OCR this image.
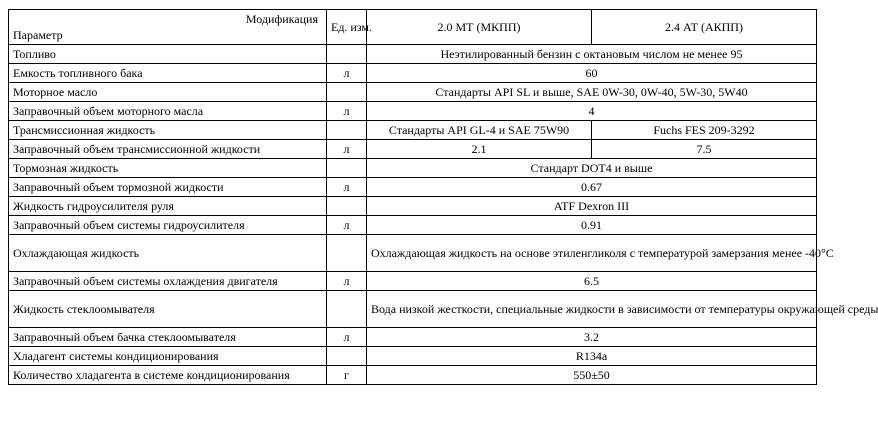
Модификация
Параметр	Ед. изм.	2.0 МТ (МКПП)	2.4 АТ (АКПП)
Топливо		Неэтилированный бензин с октановым числом не менее 95	
Емкость топливного бака	л	60	
Моторное масло		Стандарты API SL и выше, SAE 0W-30, 0W-40, 5W-30, 5W40	
Заправочный объем моторного масла	л	4	
Трансмиссионная жидкость		Стандарты API GL-4 и SAE 75W90	Fuchs FES 209-3292
Заправочный объем трансмиссионной жидкости	л	2.1	7.5
Тормозная жидкость		Стандарт DOT4 и выше	
Заправочный объем тормозной жидкости	л	0.67	
Жидкость гидроусилителя руля		ATF Dexron III	
Заправочный объем системы гидроусилителя	л	0.91	
Охлаждающая жидкость		Охлаждающая жидкость на основе этиленгликоля с температурой замерзания менее -40°C	
Заправочный объем системы охлаждения двигателя	л	6.5	
Жидкость стеклоомывателя		Вода низкой жесткости, специальные жидкости в зависимости от температуры окружающей среды	
Заправочный объем бачка стеклоомывателя	л	3.2	
Хладагент системы кондиционирования		R134a	
Количество хладагента в системе кондиционирования	г	550±50	
